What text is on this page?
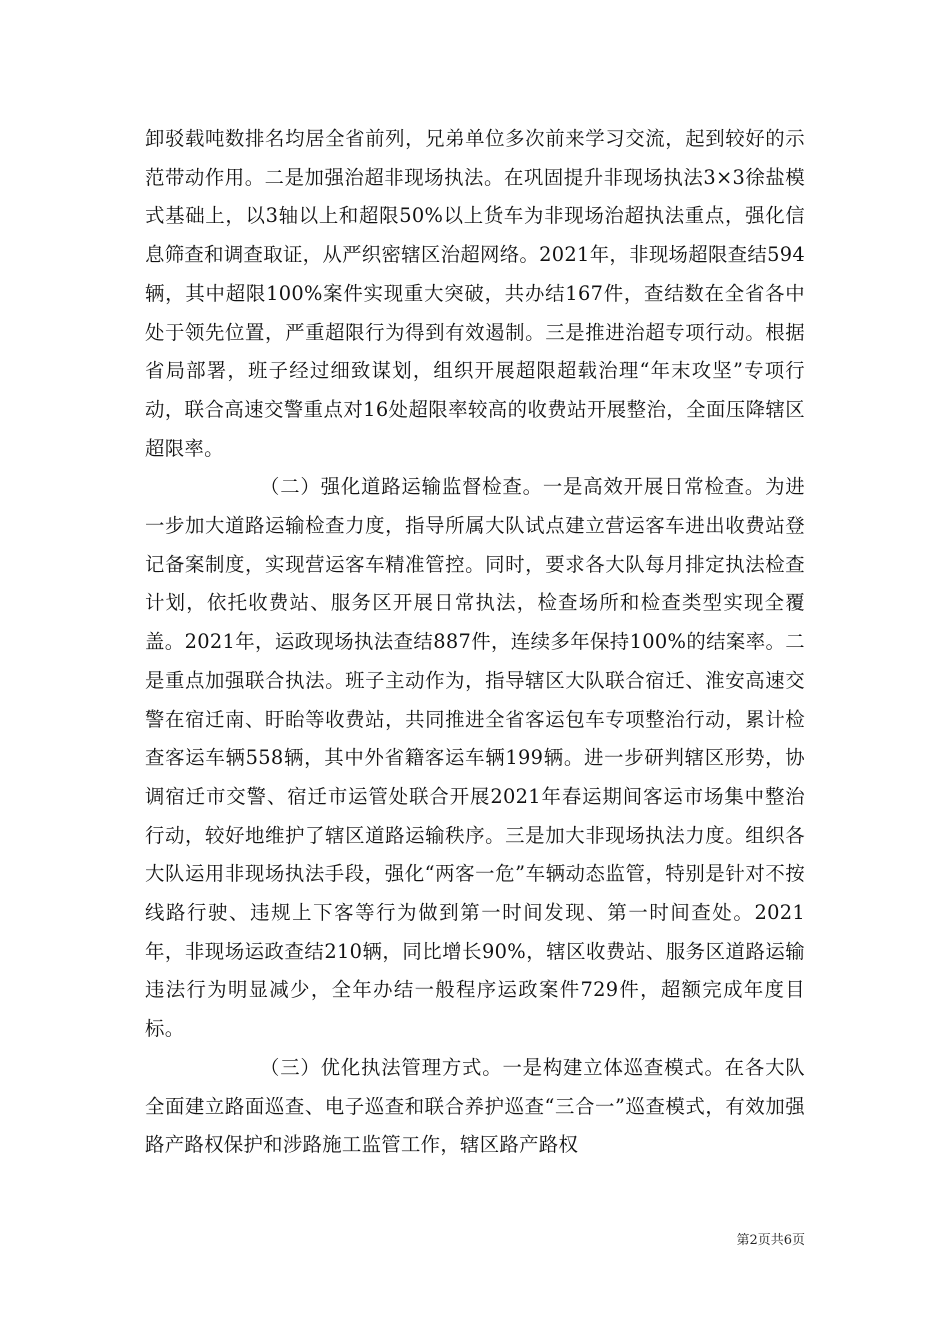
卸驳载吨数排名均居全省前列，兄弟单位多次前来学习交流，起到较好的示范带动作用。二是加强治超非现场执法。在巩固提升非现场执法3×3徐盐模式基础上，以3轴以上和超限50%以上货车为非现场治超执法重点，强化信息筛查和调查取证，从严织密辖区治超网络。2021年，非现场超限查结594辆，其中超限100%案件实现重大突破，共办结167件，查结数在全省各中处于领先位置，严重超限行为得到有效遏制。三是推进治超专项行动。根据省局部署，班子经过细致谋划，组织开展超限超载治理“年末攻坚”专项行动，联合高速交警重点对16处超限率较高的收费站开展整治，全面压降辖区超限率。

（二）强化道路运输监督检查。一是高效开展日常检查。为进一步加大道路运输检查力度，指导所属大队试点建立营运客车进出收费站登记备案制度，实现营运客车精准管控。同时，要求各大队每月排定执法检查计划，依托收费站、服务区开展日常执法，检查场所和检查类型实现全覆盖。2021年，运政现场执法查结887件，连续多年保持100%的结案率。二是重点加强联合执法。班子主动作为，指导辖区大队联合宿迁、淮安高速交警在宿迁南、盱眙等收费站，共同推进全省客运包车专项整治行动，累计检查客运车辆558辆，其中外省籍客运车辆199辆。进一步研判辖区形势，协调宿迁市交警、宿迁市运管处联合开展2021年春运期间客运市场集中整治行动，较好地维护了辖区道路运输秩序。三是加大非现场执法力度。组织各大队运用非现场执法手段，强化“两客一危”车辆动态监管，特别是针对不按线路行驶、违规上下客等行为做到第一时间发现、第一时间查处。2021年，非现场运政查结210辆，同比增长90%，辖区收费站、服务区道路运输违法行为明显减少，全年办结一般程序运政案件729件，超额完成年度目标。

（三）优化执法管理方式。一是构建立体巡查模式。在各大队全面建立路面巡查、电子巡查和联合养护巡查“三合一”巡查模式，有效加强路产路权保护和涉路施工监管工作，辖区路产路权

第2页共6页
